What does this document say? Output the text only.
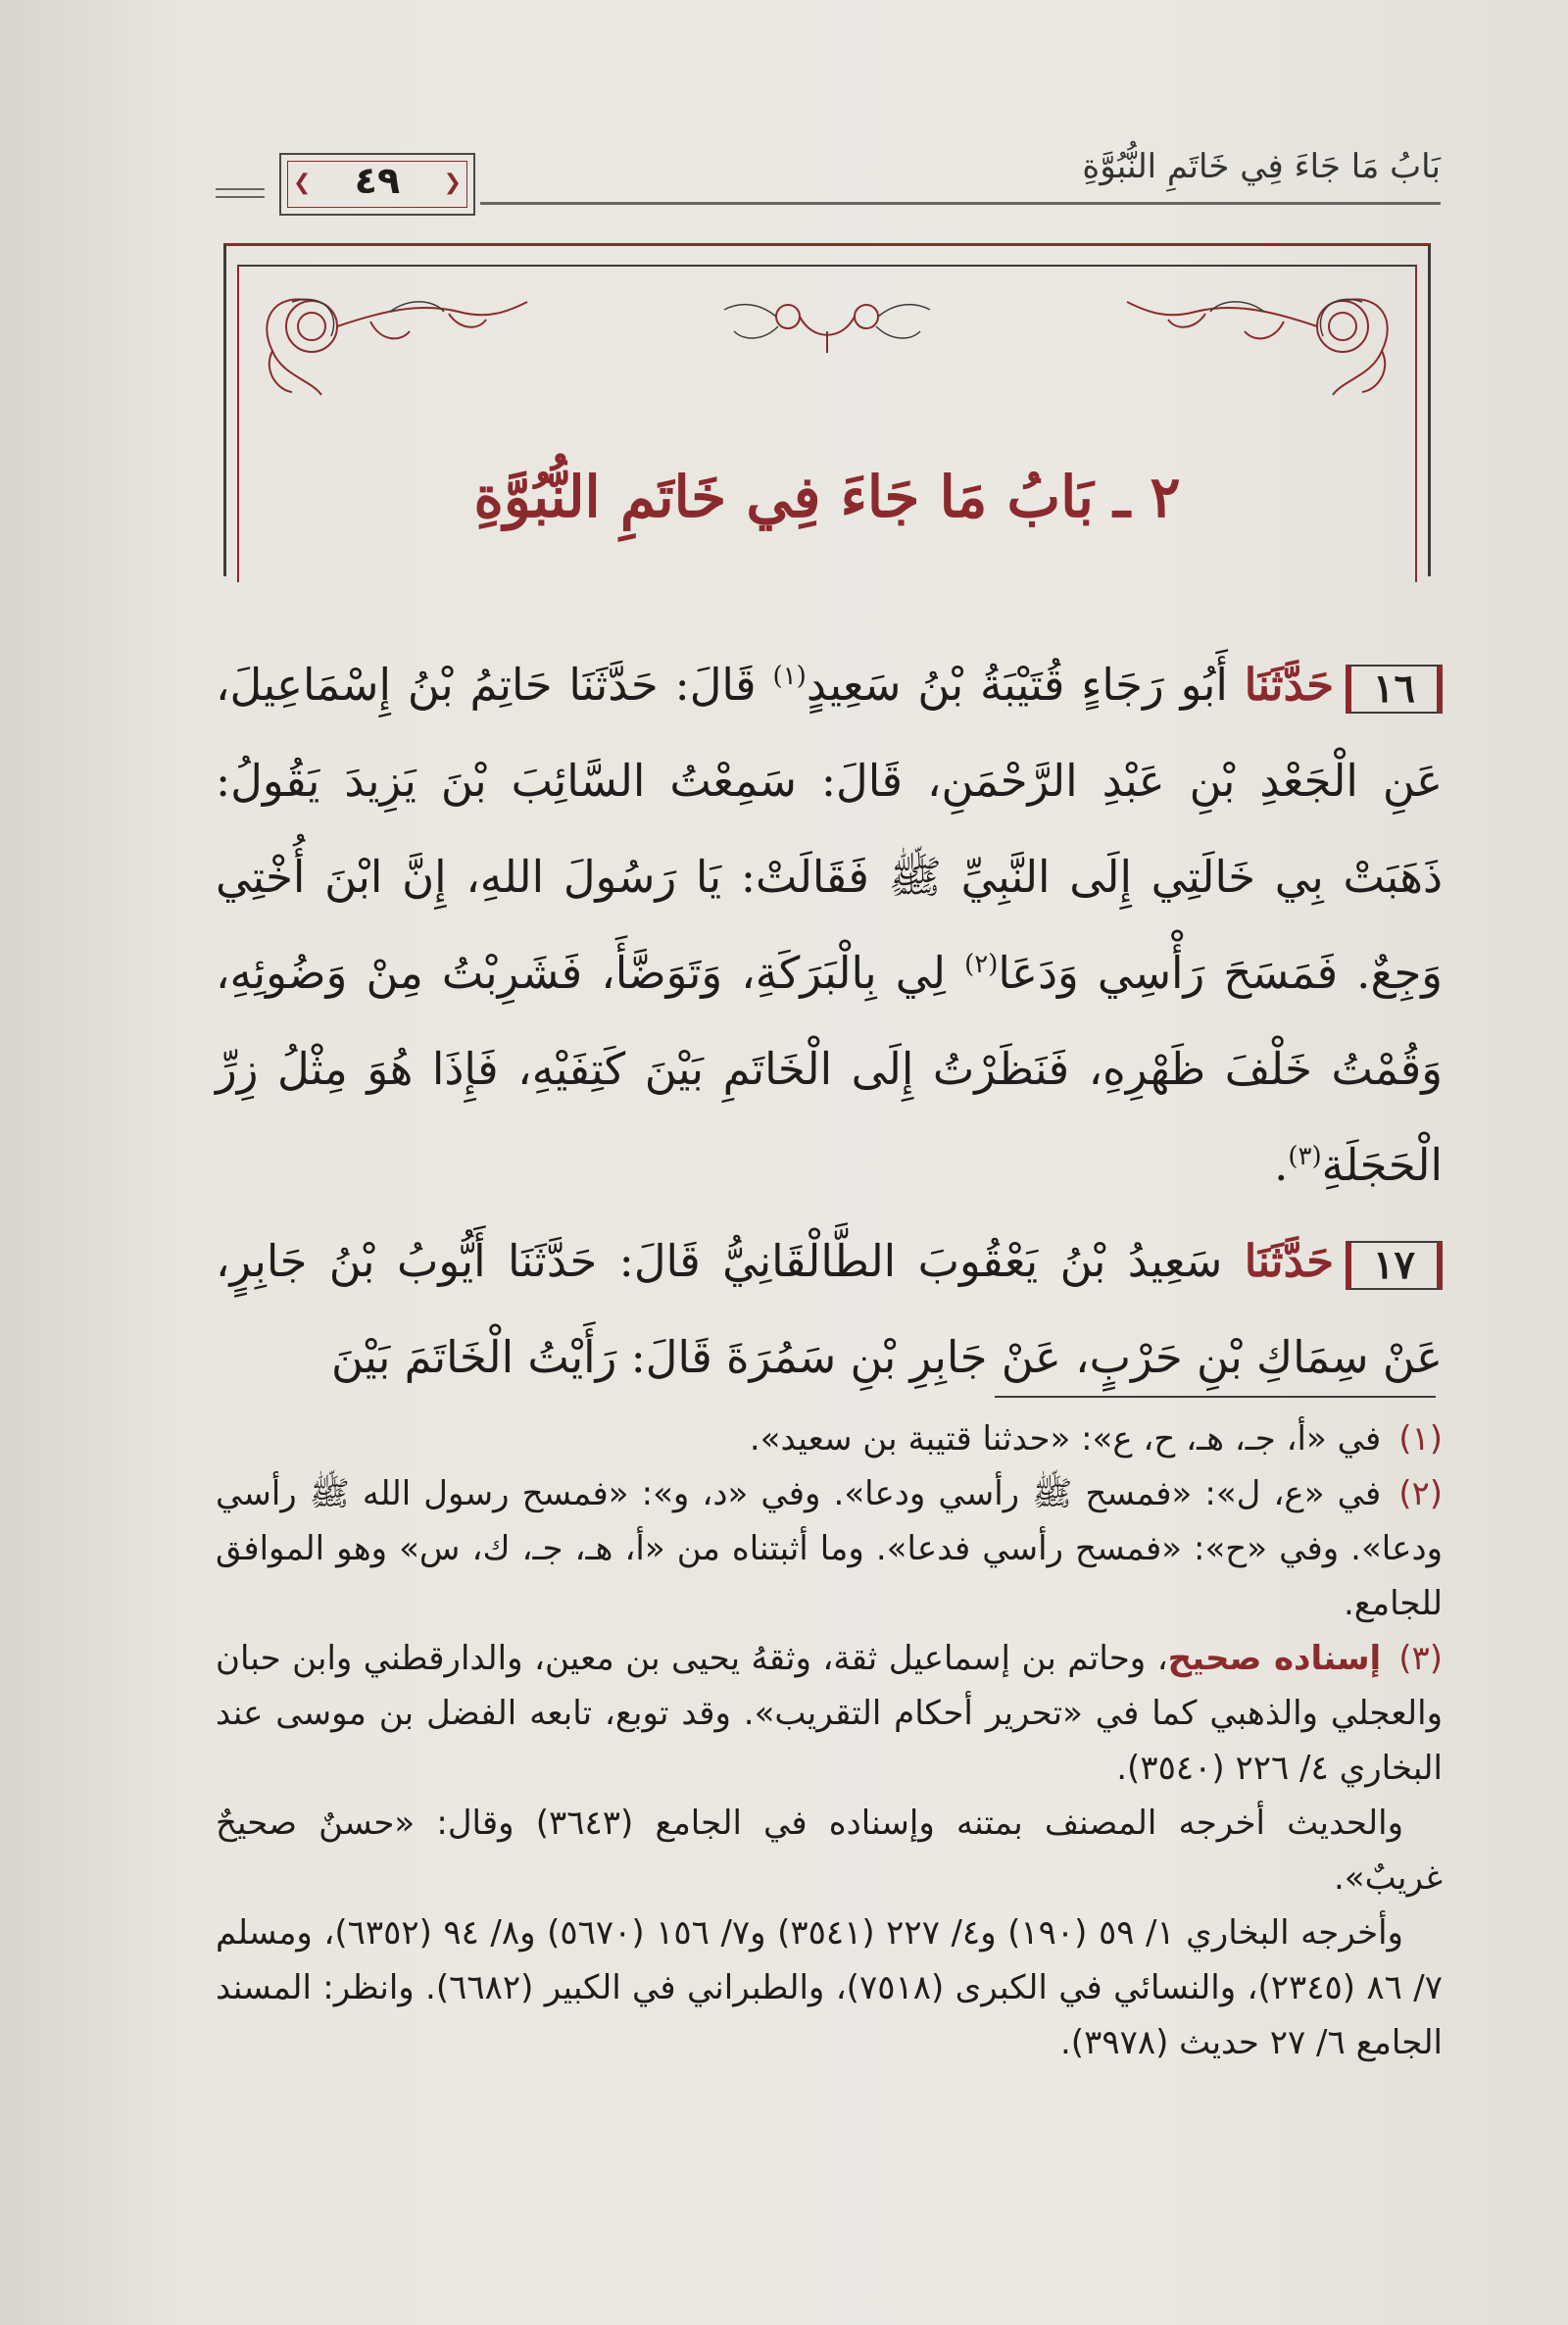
بَابُ مَا جَاءَ فِي خَاتَمِ النُّبُوَّةِ
❮	❯
٤٩
٢ ـ بَابُ مَا جَاءَ فِي خَاتَمِ النُّبُوَّةِ

١٦حَدَّثَنَا أَبُو رَجَاءٍ قُتَيْبَةُ بْنُ سَعِيدٍ$^{(١)}$ قَالَ: حَدَّثَنَا حَاتِمُ بْنُ إِسْمَاعِيلَ، عَنِ الْجَعْدِ بْنِ عَبْدِ الرَّحْمَنِ، قَالَ: سَمِعْتُ السَّائِبَ بْنَ يَزِيدَ يَقُولُ: ذَهَبَتْ بِي خَالَتِي إِلَى النَّبِيِّ ﷺ فَقَالَتْ: يَا رَسُولَ اللهِ، إِنَّ ابْنَ أُخْتِي وَجِعٌ. فَمَسَحَ رَأْسِي وَدَعَا$^{(٢)}$ لِي بِالْبَرَكَةِ، وَتَوَضَّأَ، فَشَرِبْتُ مِنْ وَضُوئِهِ، وَقُمْتُ خَلْفَ ظَهْرِهِ، فَنَظَرْتُ إِلَى الْخَاتَمِ بَيْنَ كَتِفَيْهِ، فَإِذَا هُوَ مِثْلُ زِرِّ الْحَجَلَةِ$^{(٣)}$.

١٧حَدَّثَنَا سَعِيدُ بْنُ يَعْقُوبَ الطَّالْقَانِيُّ قَالَ: حَدَّثَنَا أَيُّوبُ بْنُ جَابِرٍ، عَنْ سِمَاكِ بْنِ حَرْبٍ، عَنْ جَابِرِ بْنِ سَمُرَةَ قَالَ: رَأَيْتُ الْخَاتَمَ بَيْنَ

(١)في «أ، جـ، هـ، ح، ع»: «حدثنا قتيبة بن سعيد».

(٢)في «ع، ل»: «فمسح ﷺ رأسي ودعا». وفي «د، و»: «فمسح رسول الله ﷺ رأسي ودعا». وفي «ح»: «فمسح رأسي فدعا». وما أثبتناه من «أ، هـ، جـ، ك، س» وهو الموافق للجامع.

(٣)إسناده صحيح، وحاتم بن إسماعيل ثقة، وثقهُ يحيى بن معين، والدارقطني وابن حبان والعجلي والذهبي كما في «تحرير أحكام التقريب». وقد توبع، تابعه الفضل بن موسى عند البخاري ٤/ ٢٢٦ (٣٥٤٠).

والحديث أخرجه المصنف بمتنه وإسناده في الجامع (٣٦٤٣) وقال: «حسنٌ صحيحٌ غريبٌ».

وأخرجه البخاري ١/ ٥٩ (١٩٠) و٤/ ٢٢٧ (٣٥٤١) و٧/ ١٥٦ (٥٦٧٠) و٨/ ٩٤ (٦٣٥٢)، ومسلم ٧/ ٨٦ (٢٣٤٥)، والنسائي في الكبرى (٧٥١٨)، والطبراني في الكبير (٦٦٨٢). وانظر: المسند الجامع ٦/ ٢٧ حديث (٣٩٧٨).
